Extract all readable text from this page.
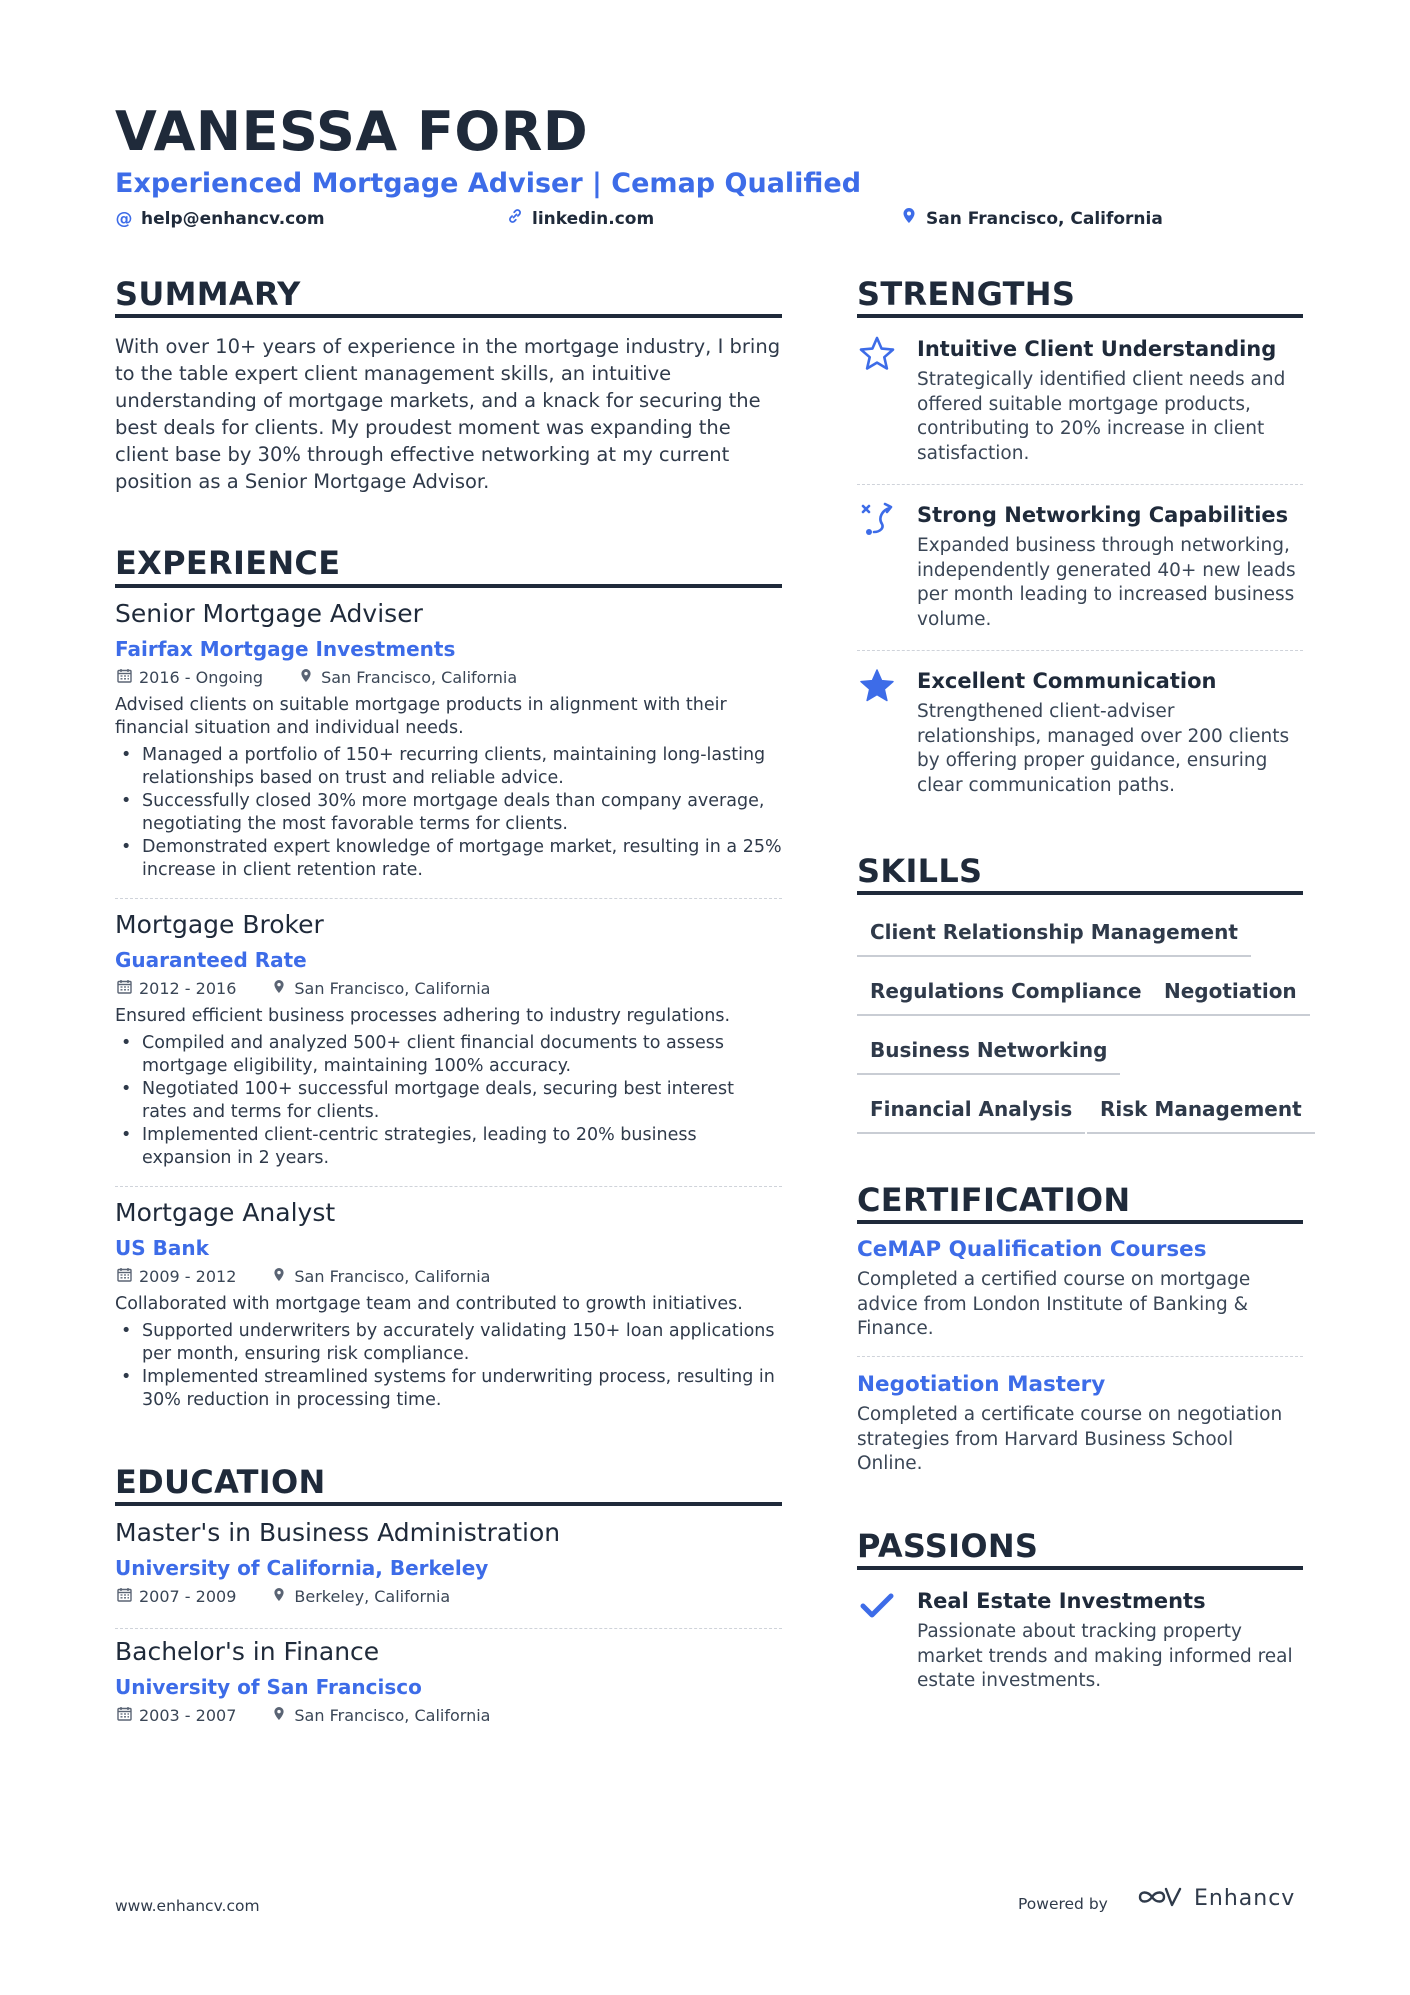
VANESSA FORD
Experienced Mortgage Adviser | Cemap Qualified
@ help@enhancv.com	linkedin.com	San Francisco, California
SUMMARY
With over 10+ years of experience in the mortgage industry, I bring to the table expert client management skills, an intuitive understanding of mortgage markets, and a knack for securing the best deals for clients. My proudest moment was expanding the client base by 30% through effective networking at my current position as a Senior Mortgage Advisor.
EXPERIENCE
Senior Mortgage Adviser
Fairfax Mortgage Investments
2016 - Ongoing	San Francisco, California
Advised clients on suitable mortgage products in alignment with their financial situation and individual needs.
• Managed a portfolio of 150+ recurring clients, maintaining long-lasting relationships based on trust and reliable advice.
• Successfully closed 30% more mortgage deals than company average, negotiating the most favorable terms for clients.
• Demonstrated expert knowledge of mortgage market, resulting in a 25% increase in client retention rate.
Mortgage Broker
Guaranteed Rate
2012 - 2016	San Francisco, California
Ensured efficient business processes adhering to industry regulations.
• Compiled and analyzed 500+ client financial documents to assess mortgage eligibility, maintaining 100% accuracy.
• Negotiated 100+ successful mortgage deals, securing best interest rates and terms for clients.
• Implemented client-centric strategies, leading to 20% business expansion in 2 years.
Mortgage Analyst
US Bank
2009 - 2012	San Francisco, California
Collaborated with mortgage team and contributed to growth initiatives.
• Supported underwriters by accurately validating 150+ loan applications per month, ensuring risk compliance.
• Implemented streamlined systems for underwriting process, resulting in 30% reduction in processing time.
EDUCATION
Master's in Business Administration
University of California, Berkeley
2007 - 2009	Berkeley, California
Bachelor's in Finance
University of San Francisco
2003 - 2007	San Francisco, California
STRENGTHS
Intuitive Client Understanding
Strategically identified client needs and offered suitable mortgage products, contributing to 20% increase in client satisfaction.
Strong Networking Capabilities
Expanded business through networking, independently generated 40+ new leads per month leading to increased business volume.
Excellent Communication
Strengthened client-adviser relationships, managed over 200 clients by offering proper guidance, ensuring clear communication paths.
SKILLS
Client Relationship Management
Regulations Compliance	Negotiation
Business Networking
Financial Analysis	Risk Management
CERTIFICATION
CeMAP Qualification Courses
Completed a certified course on mortgage advice from London Institute of Banking & Finance.
Negotiation Mastery
Completed a certificate course on negotiation strategies from Harvard Business School Online.
PASSIONS
Real Estate Investments
Passionate about tracking property market trends and making informed real estate investments.
www.enhancv.com	Powered by	Enhancv
